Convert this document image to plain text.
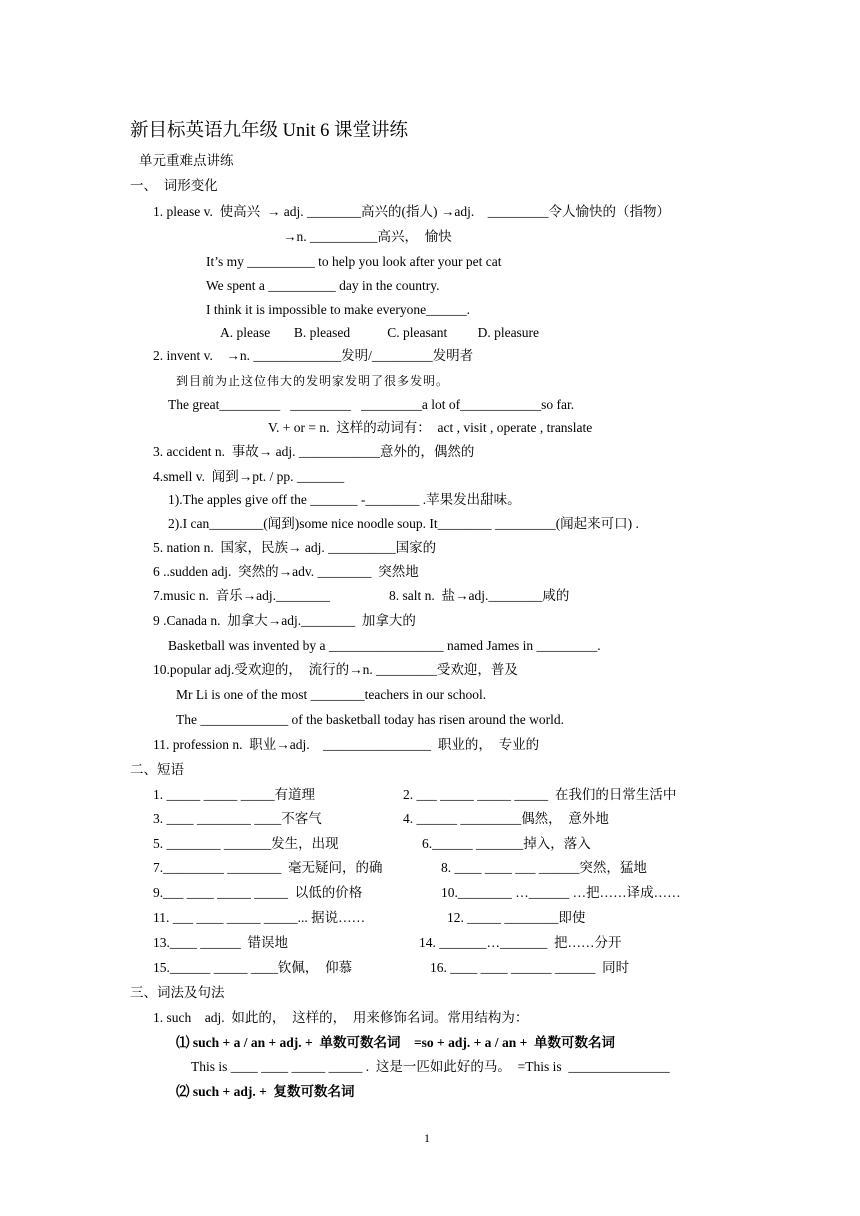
新目标英语九年级 Unit 6 课堂讲练
单元重难点讲练
一、  词形变化
1. please v.  使高兴  → adj. ________高兴的(指人) →adj.    _________令人愉快的（指物）
→n. __________高兴，  愉快
It’s my __________ to help you look after your pet cat
We spent a __________ day in the country.
I think it is impossible to make everyone______.
A. please       B. pleased           C. pleasant         D. pleasure
2. invent v.    →n. _____________发明/_________发明者
到目前为止这位伟大的发明家发明了很多发明。
The great_________   _________   _________a lot of____________so far.
V. + or = n.  这样的动词有：  act , visit , operate , translate
3. accident n.  事故→ adj. ____________意外的，偶然的
4.smell v.  闻到→pt. / pp. _______
1).The apples give off the _______ -________ .苹果发出甜味。
2).I can________(闻到)some nice noodle soup. It________ _________(闻起来可口) .
5. nation n.  国家，民族→ adj. __________国家的
6 ..sudden adj.  突然的→adv. ________  突然地
7.music n.  音乐→adj.________	8. salt n.  盐→adj.________咸的
9 .Canada n.  加拿大→adj.________  加拿大的
Basketball was invented by a _________________ named James in _________.
10.popular adj.受欢迎的，  流行的→n. _________受欢迎，普及
Mr Li is one of the most ________teachers in our school.
The _____________ of the basketball today has risen around the world.
11. profession n.  职业→adj.    ________________  职业的，  专业的
二、短语
1. _____ _____ _____有道理	2. ___ _____ _____ _____  在我们的日常生活中
3. ____ ________ ____不客气	4. ______ _________偶然，  意外地
5. ________ _______发生，出现	6.______ _______掉入，落入
7._________ ________  毫无疑问，的确	8. ____ ____ ___ ______突然，猛地
9.___ ____ _____ _____  以低的价格	10.________ …______ …把……译成……
11. ___ ____ _____ _____... 据说……	12. _____ ________即使
13.____ ______  错误地	14. _______…_______  把……分开
15.______ _____ ____钦佩，  仰慕	16. ____ ____ ______ ______  同时
三、词法及句法
1. such    adj.  如此的，  这样的，  用来修饰名词。常用结构为：
⑴ such + a / an + adj. +  单数可数名词    =so + adj. + a / an +  单数可数名词
This is ____ ____ _____ _____ .  这是一匹如此好的马。  =This is  _______________
⑵ such + adj. +  复数可数名词
1
